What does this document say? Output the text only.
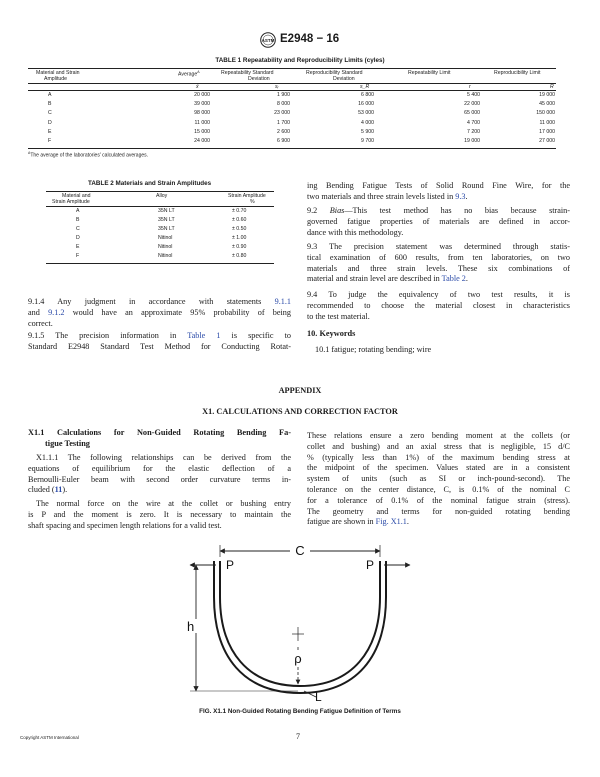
ASTM E2948 − 16
TABLE 1 Repeatability and Reproducibility Limits (cyles)
Material and Strain
Amplitude
Average$^A$	Repeatability Standard
Deviation
Reproducibility Standard
Deviation
Repeatability Limit	Reproducibility Limit
x̄	sᵣ	s_R	r	R
A	20 000	1 900	6 800	5 400	19 000
B	39 000	8 000	16 000	22 000	45 000
C	98 000	23 000	53 000	65 000	150 000
D	11 000	1 700	4 000	4 700	11 000
E	15 000	2 600	5 900	7 200	17 000
F	24 000	6 900	9 700	19 000	27 000
$^A$The average of the laboratories' calculated averages.
TABLE 2 Materials and Strain Amplitudes
Material and
Strain Amplitude
Alloy	Strain Amplitude
%
A	35N LT	± 0.70
B	35N LT	± 0.60
C	35N LT	± 0.50
D	Nitinol	± 1.00
E	Nitinol	± 0.90
F	Nitinol	± 0.80
9.1.4 Any judgment in accordance with statements 9.1.1
and 9.1.2 would have an approximate 95% probability of being
correct.
9.1.5 The precision information in Table 1 is specific to
Standard E2948 Standard Test Method for Conducting Rotat-
ing Bending Fatigue Tests of Solid Round Fine Wire, for the
two materials and three strain levels listed in 9.3.
9.2 Bias—This test method has no bias because strain-
governed fatigue properties of materials are defined in accor-
dance with this methodology.
9.3 The precision statement was determined through statis-
tical examination of 600 results, from ten laboratories, on two
materials and three strain levels. These six combinations of
material and strain level are described in Table 2.
9.4 To judge the equivalency of two test results, it is
recommended to choose the material closest in characteristics
to the test material.
10. Keywords
10.1 fatigue; rotating bending; wire
APPENDIX
X1. CALCULATIONS AND CORRECTION FACTOR
X1.1 Calculations for Non-Guided Rotating Bending Fa-
tigue Testing
X1.1.1 The following relationships can be derived from the
equations of equilibrium for the elastic deflection of a
Bernoulli-Euler beam with second order curvature terms in-
cluded (11).
The normal force on the wire at the collet or bushing entry
is P and the moment is zero. It is necessary to maintain the
shaft spacing and specimen length relations for a valid test.
These relations ensure a zero bending moment at the collets (or
collet and bushing) and an axial stress that is negligible, 15 d/C
% (typically less than 1%) of the maximum bending stress at
the midpoint of the specimen. Values stated are in a consistent
system of units (such as SI or inch-pound-second). The
tolerance on the center distance, C, is 0.1% of the nominal C
for a tolerance of 0.1% of the nominal fatigue strain (stress).
The geometry and terms for non-guided rotating bending
fatigue are shown in Fig. X1.1.
C
P	P
h
ρ
L
FIG. X1.1 Non-Guided Rotating Bending Fatigue Definition of Terms
Copyright ASTM International	7
